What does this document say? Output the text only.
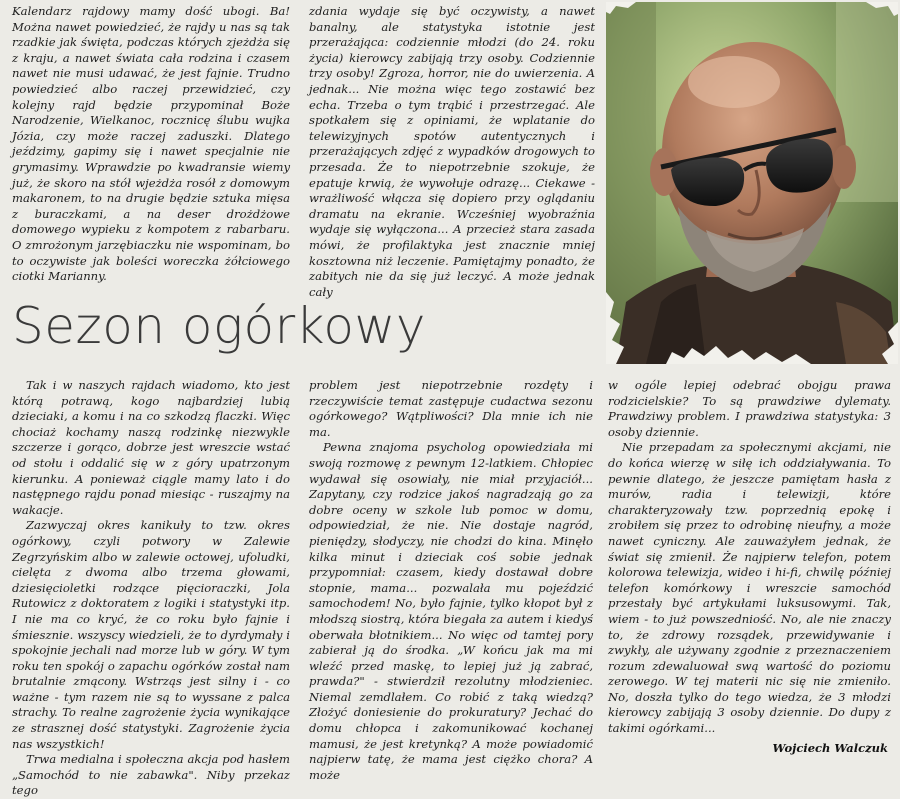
Kalendarz rajdowy mamy dość ubogi. Ba! Można nawet powiedzieć, że rajdy u nas są tak rzadkie jak święta, podczas których zjeżdża się z kraju, a nawet świata cała rodzina i czasem nawet nie musi udawać, że jest fajnie. Trudno powiedzieć albo raczej przewidzieć, czy kolejny rajd będzie przypominał Boże Narodzenie, Wielkanoc, rocznicę ślubu wujka Józia, czy może raczej zaduszki. Dlatego jeździmy, gapimy się i nawet specjalnie nie grymasimy. Wprawdzie po kwadransie wiemy już, że skoro na stół wjeżdża rosół z domowym makaronem, to na drugie będzie sztuka mięsa z buraczkami, a na deser drożdżowe domowego wypieku z kompotem z rabarbaru. O zmrożonym jarzębiaczku nie wspominam, bo to oczywiste jak boleści woreczka żółciowego ciotki Marianny.

zdania wydaje się być oczywisty, a nawet banalny, ale statystyka istotnie jest przerażająca: codziennie młodzi (do 24. roku życia) kierowcy zabijają trzy osoby. Codziennie trzy osoby! Zgroza, horror, nie do uwierzenia. A jednak... Nie można więc tego zostawić bez echa. Trzeba o tym trąbić i przestrzegać. Ale spotkałem się z opiniami, że wplatanie do telewizyjnych spotów autentycznych i przerażających zdjęć z wypadków drogowych to przesada. Że to niepotrzebnie szokuje, że epatuje krwią, że wywołuje odrazę... Ciekawe - wrażliwość włącza się dopiero przy oglądaniu dramatu na ekranie. Wcześniej wyobraźnia wydaje się wyłączona... A przecież stara zasada mówi, że profilaktyka jest znacznie mniej kosztowna niż leczenie. Pamiętajmy ponadto, że zabitych nie da się już leczyć. A może jednak cały

Sezon ogórkowy

Tak i w naszych rajdach wiadomo, kto jest którą potrawą, kogo najbardziej lubią dzieciaki, a komu i na co szkodzą flaczki. Więc chociaż kochamy naszą rodzinkę niezwykle szczerze i gorąco, dobrze jest wreszcie wstać od stołu i oddalić się w z góry upatrzonym kierunku. A ponieważ ciągle mamy lato i do następnego rajdu ponad miesiąc - ruszajmy na wakacje.

Zazwyczaj okres kanikuły to tzw. okres ogórkowy, czyli potwory w Zalewie Zegrzyńskim albo w zalewie octowej, ufoludki, cielęta z dwoma albo trzema głowami, dziesięcioletki rodzące pięcioraczki, Jola Rutowicz z doktoratem z logiki i statystyki itp. I nie ma co kryć, że co roku było fajnie i śmiesznie. wszyscy wiedzieli, że to dyrdymały i spokojnie jechali nad morze lub w góry. W tym roku ten spokój o zapachu ogórków został nam brutalnie zmącony. Wstrząs jest silny i - co ważne - tym razem nie są to wyssane z palca strachy. To realne zagrożenie życia wynikające ze strasznej dość statystyki. Zagrożenie życia nas wszystkich!

Trwa medialna i społeczna akcja pod hasłem „Samochód to nie zabawka". Niby przekaz tego

problem jest niepotrzebnie rozdęty i rzeczywiście temat zastępuje cudactwa sezonu ogórkowego? Wątpliwości? Dla mnie ich nie ma.

Pewna znajoma psycholog opowiedziała mi swoją rozmowę z pewnym 12-latkiem. Chłopiec wydawał się osowiały, nie miał przyjaciół... Zapytany, czy rodzice jakoś nagradzają go za dobre oceny w szkole lub pomoc w domu, odpowiedział, że nie. Nie dostaje nagród, pieniędzy, słodyczy, nie chodzi do kina. Minęło kilka minut i dzieciak coś sobie jednak przypomniał: czasem, kiedy dostawał dobre stopnie, mama... pozwalała mu pojeździć samochodem! No, było fajnie, tylko kłopot był z młodszą siostrą, która biegała za autem i kiedyś oberwała błotnikiem... No więc od tamtej pory zabierał ją do środka. „W końcu jak ma mi wleźć przed maskę, to lepiej już ją zabrać, prawda?" - stwierdził rezolutny młodzieniec. Niemal zemdlałem. Co robić z taką wiedzą? Złożyć doniesienie do prokuratury? Jechać do domu chłopca i zakomunikować kochanej mamusi, że jest kretynką? A może powiadomić najpierw tatę, że mama jest ciężko chora? A może

w ogóle lepiej odebrać obojgu prawa rodzicielskie? To są prawdziwe dylematy. Prawdziwy problem. I prawdziwa statystyka: 3 osoby dziennie.

Nie przepadam za społecznymi akcjami, nie do końca wierzę w siłę ich oddziaływania. To pewnie dlatego, że jeszcze pamiętam hasła z murów, radia i telewizji, które charakteryzowały tzw. poprzednią epokę i zrobiłem się przez to odrobinę nieufny, a może nawet cyniczny. Ale zauważyłem jednak, że świat się zmienił. Że najpierw telefon, potem kolorowa telewizja, wideo i hi-fi, chwilę później telefon komórkowy i wreszcie samochód przestały być artykułami luksusowymi. Tak, wiem - to już powszedniość. No, ale nie znaczy to, że zdrowy rozsądek, przewidywanie i zwykły, ale używany zgodnie z przeznaczeniem rozum zdewaluował swą wartość do poziomu zerowego. W tej materii nic się nie zmieniło. No, doszła tylko do tego wiedza, że 3 młodzi kierowcy zabijają 3 osoby dziennie. Do dupy z takimi ogórkami...

Wojciech Walczuk
